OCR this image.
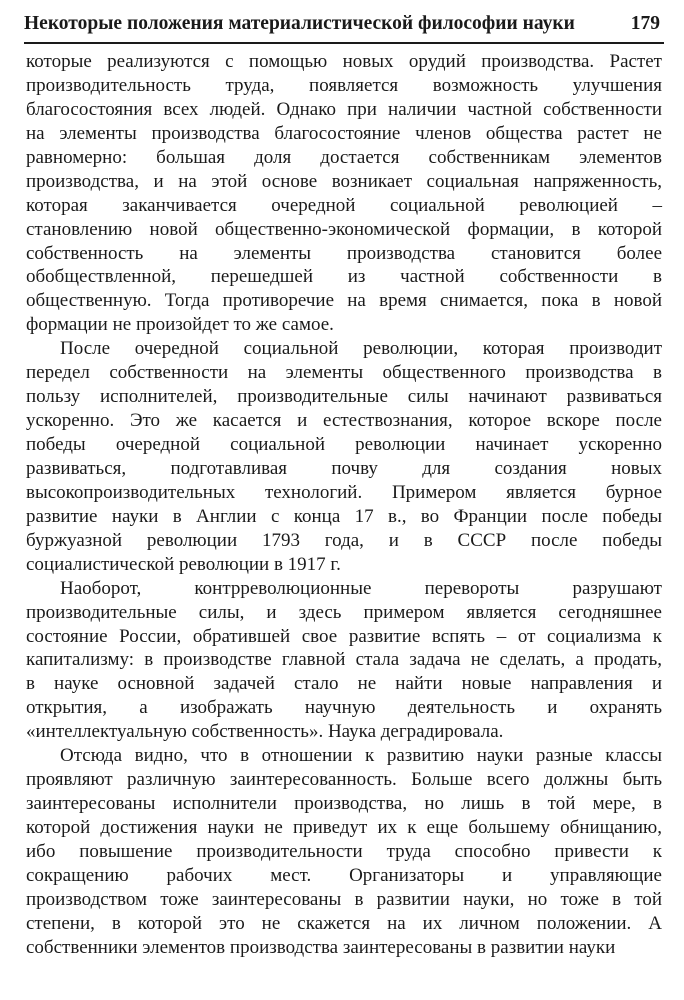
Некоторые положения материалистической философии науки	179

которые реализуются с помощью новых орудий производства. Растет
производительность труда, появляется возможность улучшения
благосостояния всех людей. Однако при наличии частной собственности
на элементы производства благосостояние членов общества растет не
равномерно: большая доля достается собственникам элементов
производства, и на этой основе возникает социальная напряженность,
которая заканчивается очередной социальной революцией –
становлению новой общественно-экономической формации, в которой
собственность на элементы производства становится более
обобществленной, перешедшей из частной собственности в
общественную. Тогда противоречие на время снимается, пока в новой
формации не произойдет то же самое.

После очередной социальной революции, которая производит
передел собственности на элементы общественного производства в
пользу исполнителей, производительные силы начинают развиваться
ускоренно. Это же касается и естествознания, которое вскоре после
победы очередной социальной революции начинает ускоренно
развиваться, подготавливая почву для создания новых
высокопроизводительных технологий. Примером является бурное
развитие науки в Англии с конца 17 в., во Франции после победы
буржуазной революции 1793 года, и в СССР после победы
социалистической революции в 1917 г.

Наоборот, контрреволюционные перевороты разрушают
производительные силы, и здесь примером является сегодняшнее
состояние России, обратившей свое развитие вспять – от социализма к
капитализму: в производстве главной стала задача не сделать, а продать,
в науке основной задачей стало не найти новые направления и
открытия, а изображать научную деятельность и охранять
«интеллектуальную собственность». Наука деградировала.

Отсюда видно, что в отношении к развитию науки разные классы
проявляют различную заинтересованность. Больше всего должны быть
заинтересованы исполнители производства, но лишь в той мере, в
которой достижения науки не приведут их к еще большему обнищанию,
ибо повышение производительности труда способно привести к
сокращению рабочих мест. Организаторы и управляющие
производством тоже заинтересованы в развитии науки, но тоже в той
степени, в которой это не скажется на их личном положении. А
собственники элементов производства заинтересованы в развитии науки
